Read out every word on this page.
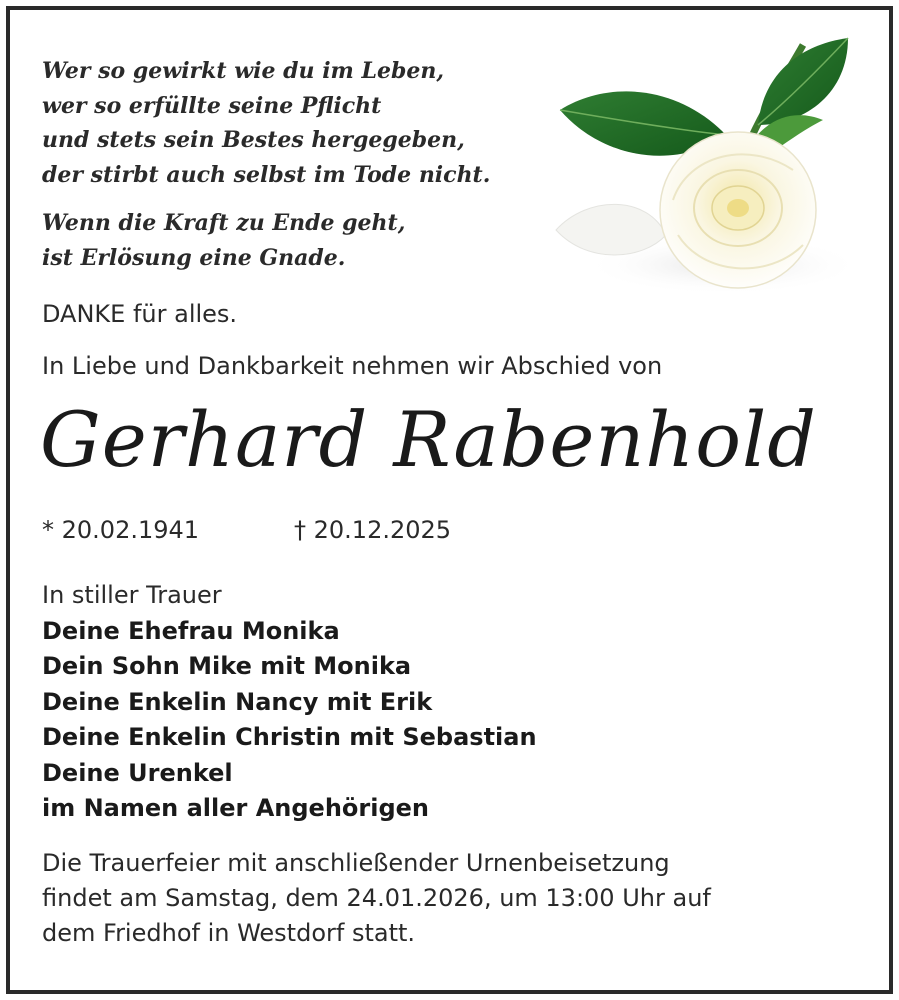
Wer so gewirkt wie du im Leben,
wer so erfüllte seine Pflicht
und stets sein Bestes hergegeben,
der stirbt auch selbst im Tode nicht.
Wenn die Kraft zu Ende geht,
ist Erlösung eine Gnade.
DANKE für alles.
In Liebe und Dankbarkeit nehmen wir Abschied von
Gerhard Rabenhold
* 20.02.1941	† 20.12.2025
In stiller Trauer
Deine Ehefrau Monika
Dein Sohn Mike mit Monika
Deine Enkelin Nancy mit Erik
Deine Enkelin Christin mit Sebastian
Deine Urenkel
im Namen aller Angehörigen
Die Trauerfeier mit anschließender Urnenbeisetzung
findet am Samstag, dem 24.01.2026, um 13:00 Uhr auf
dem Friedhof in Westdorf statt.
